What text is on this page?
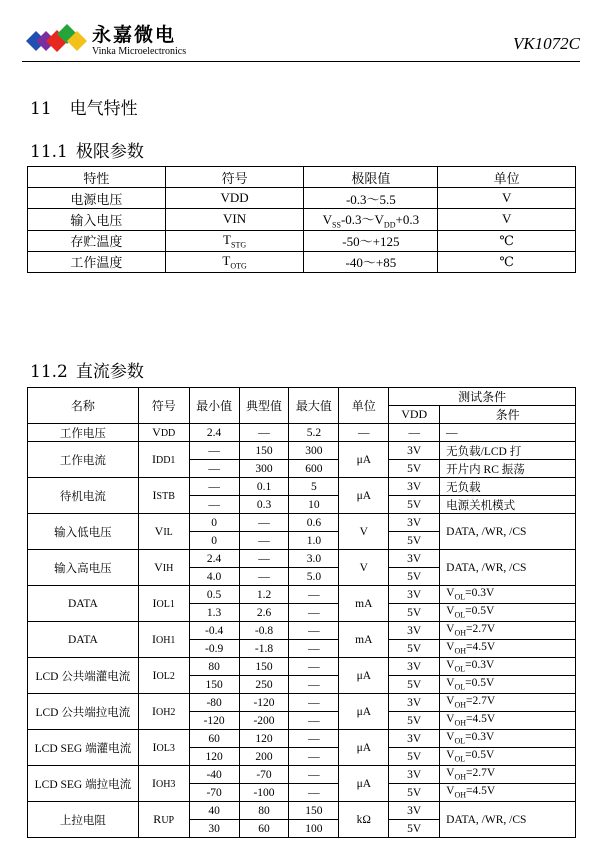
永嘉微电
Vinka Microelectronics	VK1072C
11 电气特性
11.1 极限参数
特性	符号	极限值	单位
电源电压	VDD	-0.3～5.5	V
输入电压	VIN	$V_{SS}-0.3\sim V_{DD}+0.3$	V
存贮温度	$T_{STG}$	-50～+125	℃
工作温度	$T_{OTG}$	-40～+85	℃
11.2 直流参数
名称	符号	最小值	典型值	最大值	单位	测试条件	
						VDD	条件
工作电压	VDD	2.4	—	5.2	—	—	—
工作电流	IDD1	—	150	300	μA	3V	无负载/LCD 打
		—	300	600		5V	开片内 RC 振荡
待机电流	ISTB	—	0.1	5	μA	3V	无负载
		—	0.3	10		5V	电源关机模式
输入低电压	VIL	0	—	0.6	V	3V	DATA, /WR, /CS
		0	—	1.0		5V	
输入高电压	VIH	2.4	—	3.0	V	3V	DATA, /WR, /CS
		4.0	—	5.0		5V	
DATA	IOL1	0.5	1.2	—	mA	3V	$V_{OL}=0.3V$
		1.3	2.6	—		5V	$V_{OL}=0.5V$
DATA	IOH1	-0.4	-0.8	—	mA	3V	$V_{OH}=2.7V$
		-0.9	-1.8	—		5V	$V_{OH}=4.5V$
LCD 公共端灌电流	IOL2	80	150	—	μA	3V	$V_{OL}=0.3V$
		150	250	—		5V	$V_{OL}=0.5V$
LCD 公共端拉电流	IOH2	-80	-120	—	μA	3V	$V_{OH}=2.7V$
		-120	-200	—		5V	$V_{OH}=4.5V$
LCD SEG 端灌电流	IOL3	60	120	—	μA	3V	$V_{OL}=0.3V$
		120	200	—		5V	$V_{OL}=0.5V$
LCD SEG 端拉电流	IOH3	-40	-70	—	μA	3V	$V_{OH}=2.7V$
		-70	-100	—		5V	$V_{OH}=4.5V$
上拉电阻	RUP	40	80	150	kΩ	3V	DATA, /WR, /CS
		30	60	100		5V	
